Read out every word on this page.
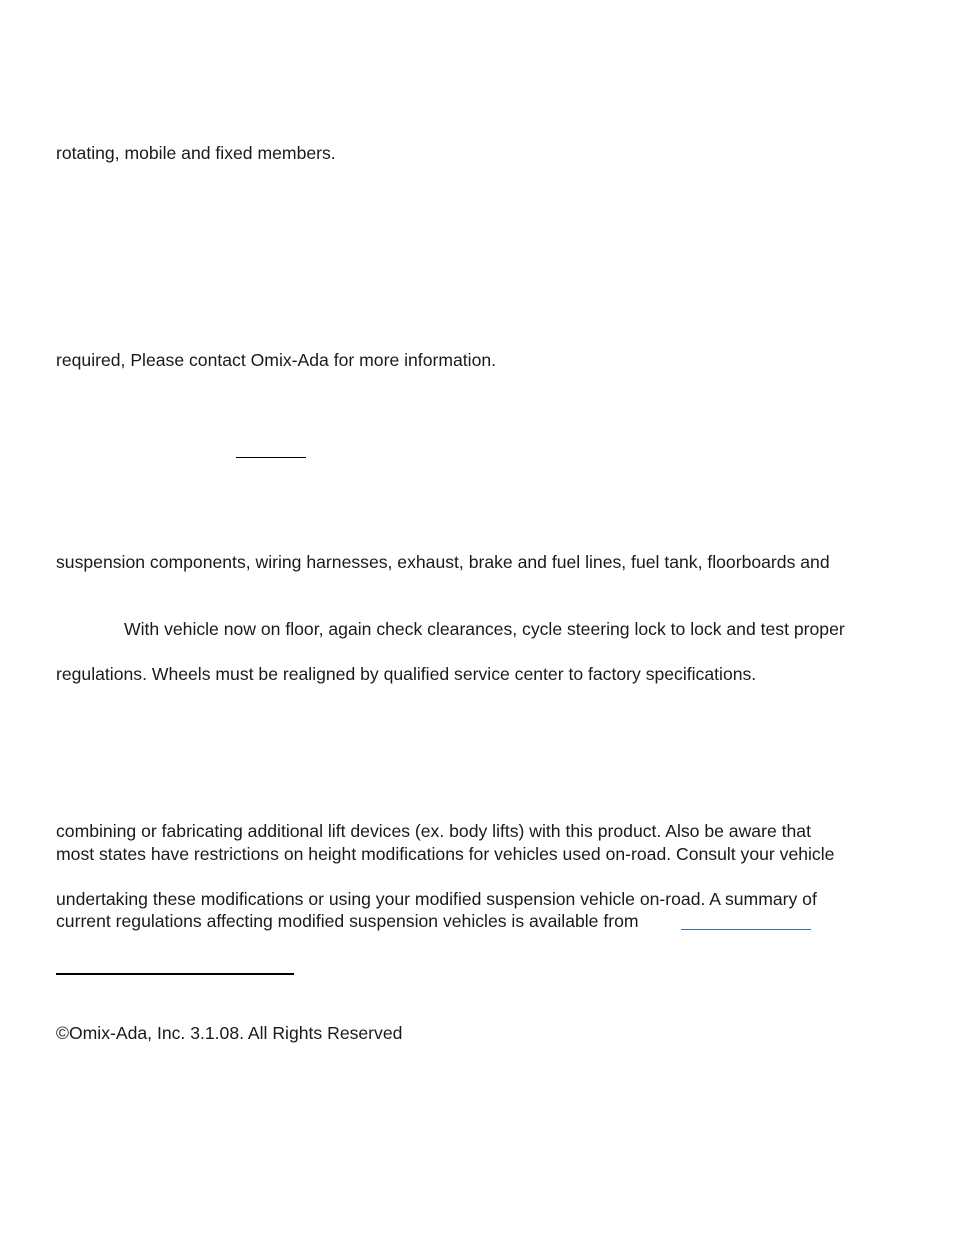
rotating, mobile and fixed members.
required, Please contact Omix-Ada for more information.
suspension components, wiring harnesses, exhaust, brake and fuel lines, fuel tank, floorboards and
With vehicle now on floor, again check clearances, cycle steering lock to lock and test proper
regulations. Wheels must be realigned by qualified service center to factory specifications.
combining or fabricating additional lift devices (ex. body lifts) with this product. Also be aware that
most states have restrictions on height modifications for vehicles used on-road. Consult your vehicle
undertaking these modifications or using your modified suspension vehicle on-road. A summary of
current regulations affecting modified suspension vehicles is available from
©Omix-Ada, Inc. 3.1.08. All Rights Reserved
